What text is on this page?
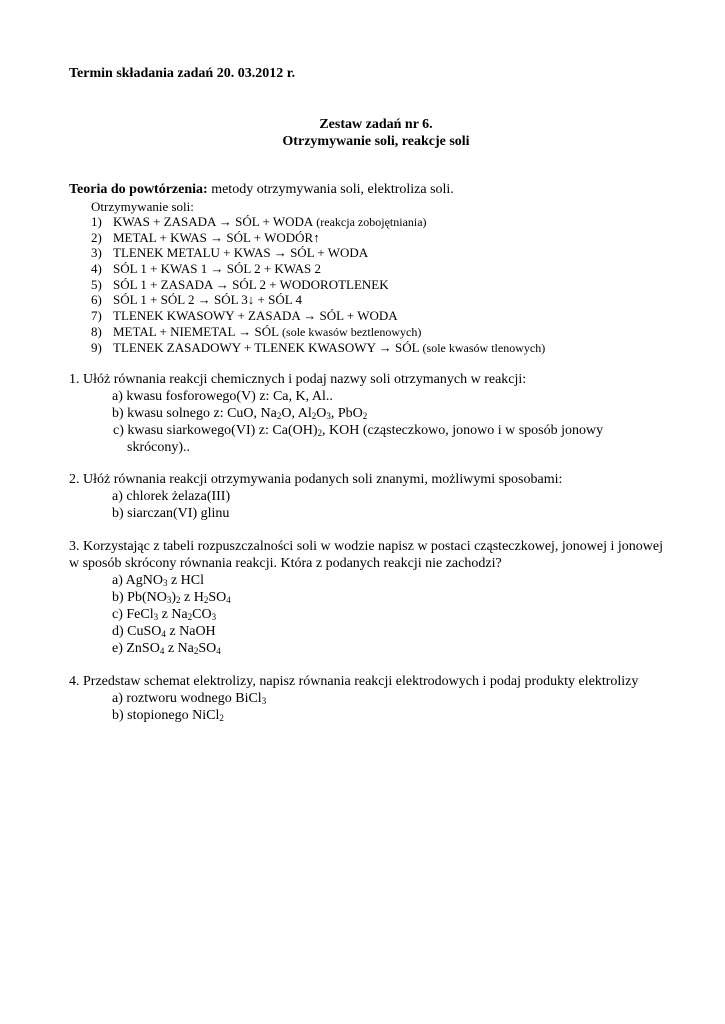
Termin składania zadań 20. 03.2012 r.
Zestaw zadań nr 6.
Otrzymywanie soli, reakcje soli
Teoria do powtórzenia: metody otrzymywania soli, elektroliza soli.
Otrzymywanie soli:
1) KWAS + ZASADA → SÓL + WODA (reakcja zobojętniania)
2) METAL + KWAS → SÓL + WODÓR↑
3) TLENEK METALU + KWAS → SÓL + WODA
4) SÓL 1 + KWAS 1 → SÓL 2 + KWAS 2
5) SÓL 1 + ZASADA → SÓL 2 + WODOROTLENEK
6) SÓL 1 + SÓL 2 → SÓL 3↓ + SÓL 4
7) TLENEK KWASOWY + ZASADA → SÓL + WODA
8) METAL + NIEMETAL → SÓL (sole kwasów beztlenowych)
9) TLENEK ZASADOWY + TLENEK KWASOWY → SÓL (sole kwasów tlenowych)
1. Ułóż równania reakcji chemicznych i podaj nazwy soli otrzymanych w reakcji:
a) kwasu fosforowego(V) z: Ca, K, Al..
b) kwasu solnego z: CuO, $Na_2O$, $Al_2O_3$, PbO$_2$
c) kwasu siarkowego(VI) z: $Ca(OH)_2$, KOH (cząsteczkowo, jonowo i w sposób jonowy
skrócony)..
2. Ułóż równania reakcji otrzymywania podanych soli znanymi, możliwymi sposobami:
a) chlorek żelaza(III)
b) siarczan(VI) glinu
3. Korzystając z tabeli rozpuszczalności soli w wodzie napisz w postaci cząsteczkowej, jonowej i jonowej w sposób skrócony równania reakcji. Która z podanych reakcji nie zachodzi?
a) AgNO$_3$ z HCl
b) $Pb(NO_3)_2$ z $H_2SO_4$
c) FeCl$_3$ z $Na_2CO_3$
d) CuSO$_4$ z NaOH
e) ZnSO$_4$ z $Na_2SO_4$
4. Przedstaw schemat elektrolizy, napisz równania reakcji elektrodowych i podaj produkty elektrolizy
a) roztworu wodnego BiCl$_3$
b) stopionego NiCl$_2$
